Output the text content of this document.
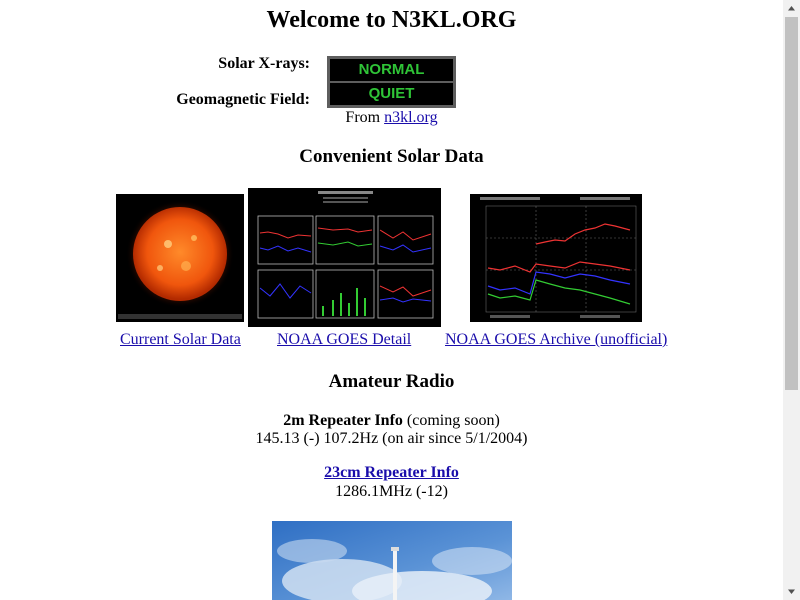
Welcome to N3KL.ORG
Solar X-rays:
Geomagnetic Field:
NORMAL
QUIET
From n3kl.org
Convenient Solar Data
Current Solar Data NOAA GOES Detail NOAA GOES Archive (unofficial)
Amateur Radio
2m Repeater Info (coming soon)
145.13 (-) 107.2Hz (on air since 5/1/2004)
23cm Repeater Info
1286.1MHz (-12)
